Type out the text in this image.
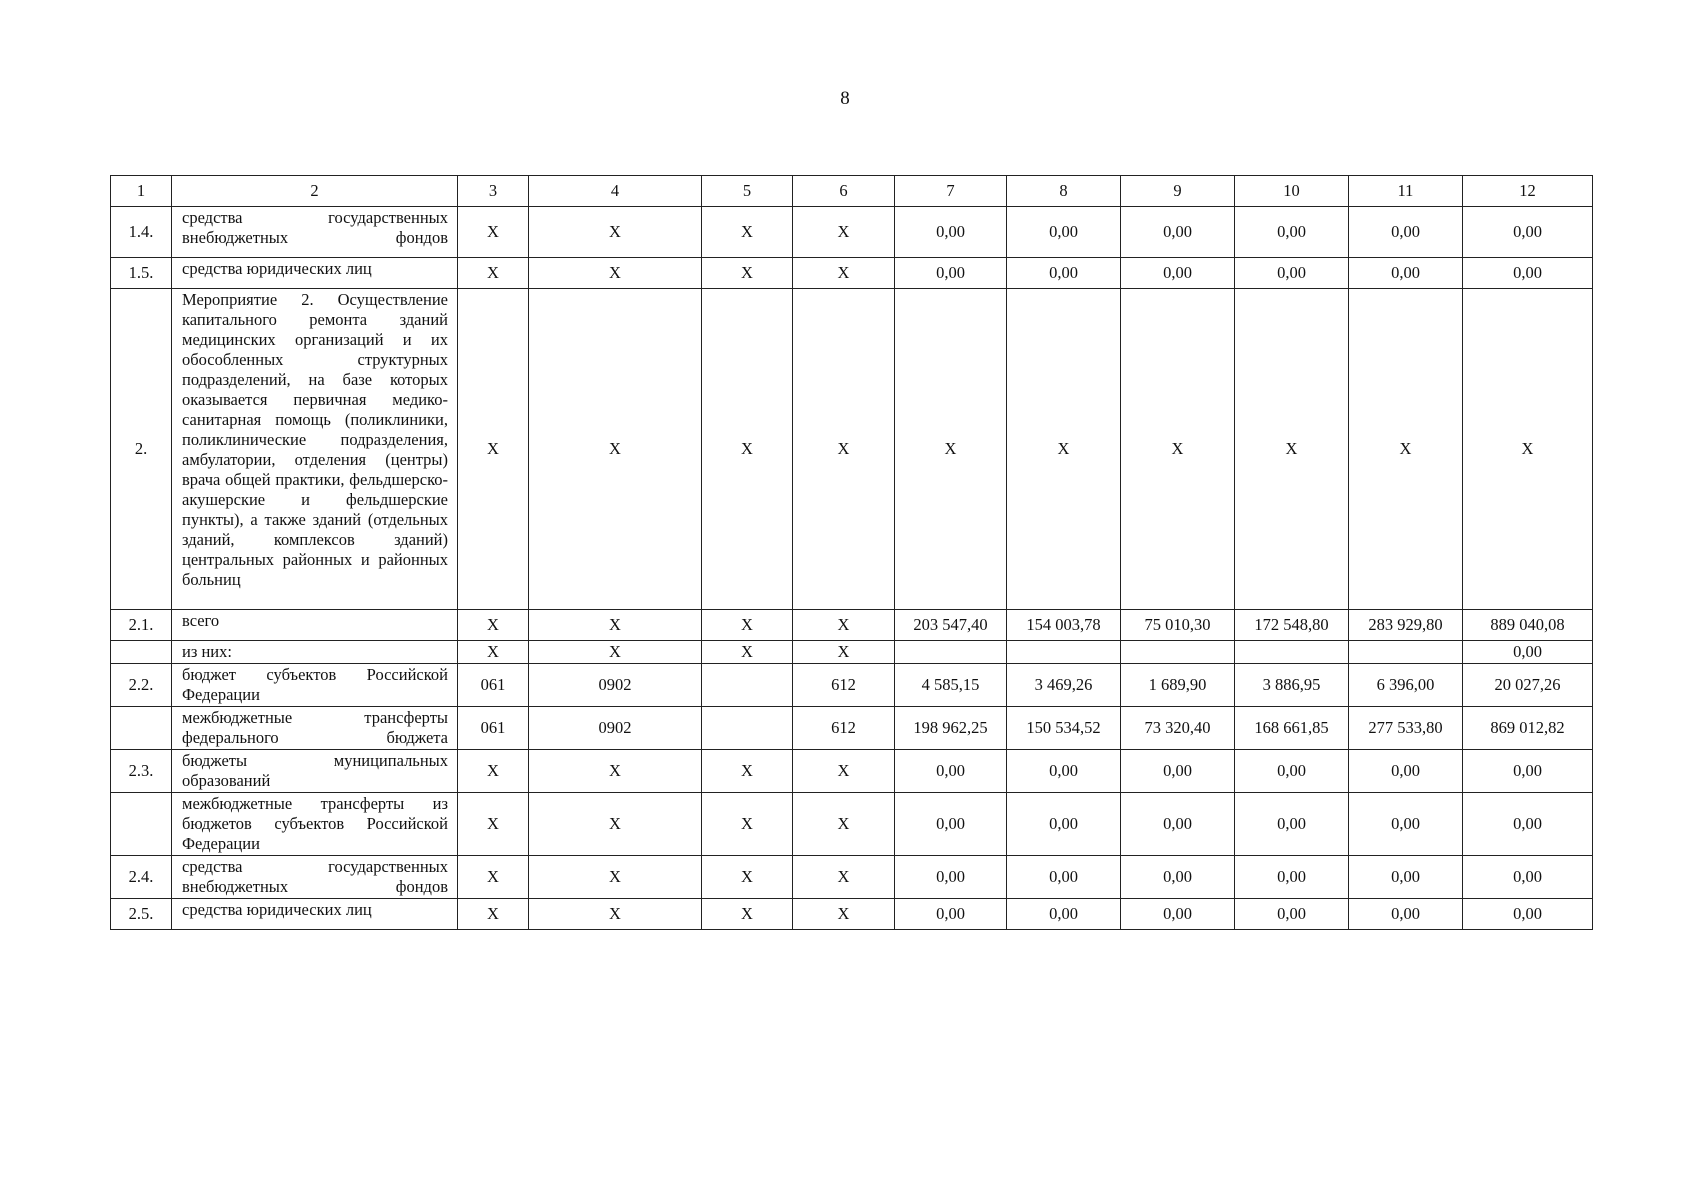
8
1	2	3	4	5	6	7	8	9	10	11	12
1.4.	средства государственных внебюджетных фондов	X	X	X	X	0,00	0,00	0,00	0,00	0,00	0,00
1.5.	средства юридических лиц	X	X	X	X	0,00	0,00	0,00	0,00	0,00	0,00
2.	Мероприятие 2. Осуществление капитального ремонта зданий медицинских организаций и их обособленных структурных подразделений, на базе которых оказывается первичная медико-санитарная помощь (поликлиники, поликлинические подразделения, амбулатории, отделения (центры) врача общей практики, фельдшерско-акушерские и фельдшерские пункты), а также зданий (отдельных зданий, комплексов зданий) центральных районных и районных больниц	X	X	X	X	X	X	X	X	X	X
2.1.	всего	X	X	X	X	203 547,40	154 003,78	75 010,30	172 548,80	283 929,80	889 040,08
	из них:	X	X	X	X						0,00
2.2.	бюджет субъектов Российской Федерации	061	0902		612	4 585,15	3 469,26	1 689,90	3 886,95	6 396,00	20 027,26
	межбюджетные трансферты федерального бюджета	061	0902		612	198 962,25	150 534,52	73 320,40	168 661,85	277 533,80	869 012,82
2.3.	бюджеты муниципальных образований	X	X	X	X	0,00	0,00	0,00	0,00	0,00	0,00
	межбюджетные трансферты из бюджетов субъектов Российской Федерации	X	X	X	X	0,00	0,00	0,00	0,00	0,00	0,00
2.4.	средства государственных внебюджетных фондов	X	X	X	X	0,00	0,00	0,00	0,00	0,00	0,00
2.5.	средства юридических лиц	X	X	X	X	0,00	0,00	0,00	0,00	0,00	0,00
